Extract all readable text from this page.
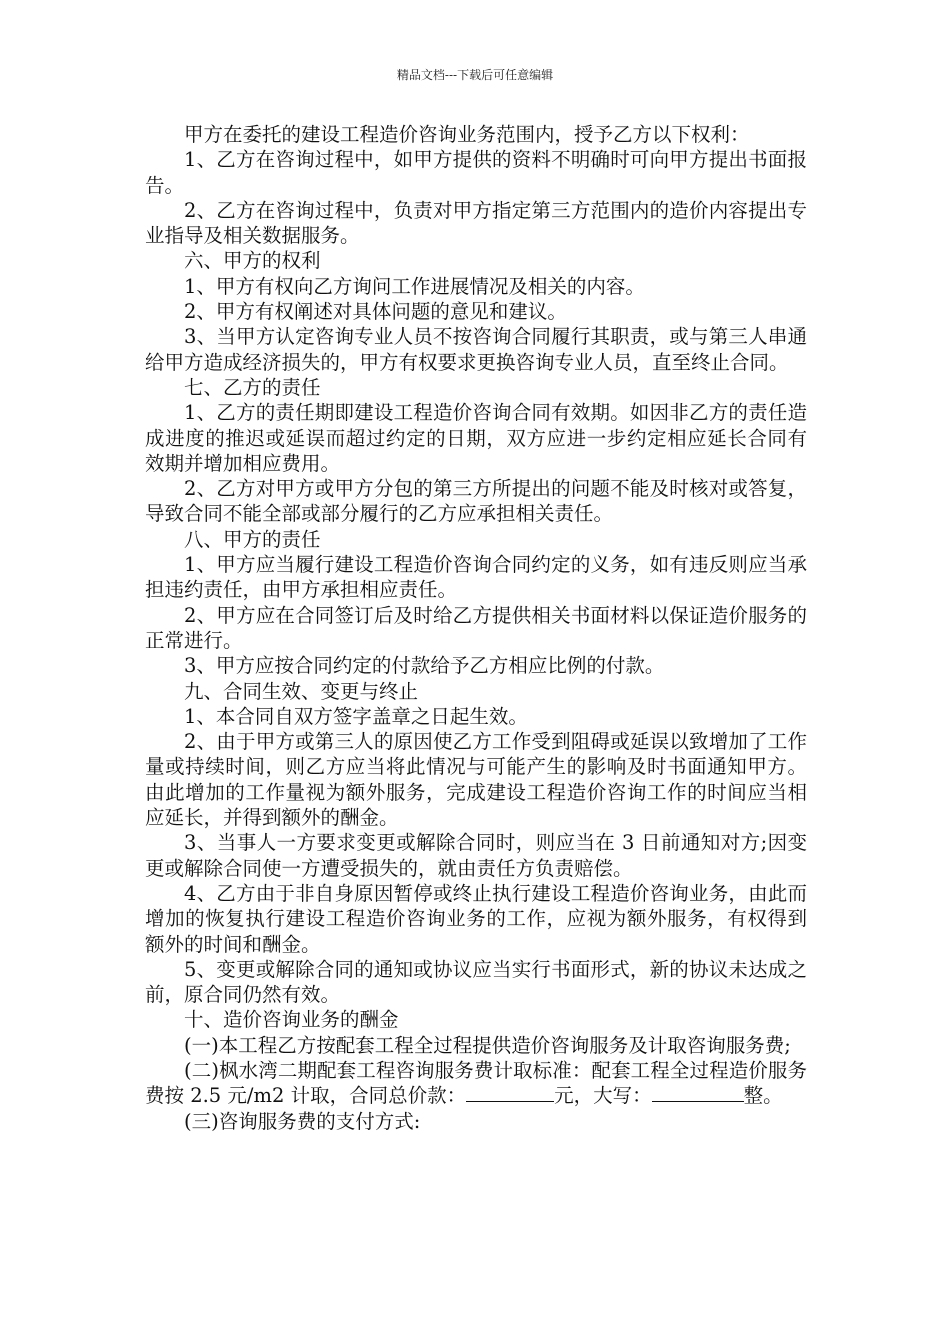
精品文档---下载后可任意编辑

甲方在委托的建设工程造价咨询业务范围内，授予乙方以下权利：

1、乙方在咨询过程中，如甲方提供的资料不明确时可向甲方提出书面报告。

2、乙方在咨询过程中，负责对甲方指定第三方范围内的造价内容提出专业指导及相关数据服务。

六、甲方的权利

1、甲方有权向乙方询问工作进展情况及相关的内容。

2、甲方有权阐述对具体问题的意见和建议。

3、当甲方认定咨询专业人员不按咨询合同履行其职责，或与第三人串通给甲方造成经济损失的，甲方有权要求更换咨询专业人员，直至终止合同。

七、乙方的责任

1、乙方的责任期即建设工程造价咨询合同有效期。如因非乙方的责任造成进度的推迟或延误而超过约定的日期，双方应进一步约定相应延长合同有效期并增加相应费用。

2、乙方对甲方或甲方分包的第三方所提出的问题不能及时核对或答复，导致合同不能全部或部分履行的乙方应承担相关责任。

八、甲方的责任

1、甲方应当履行建设工程造价咨询合同约定的义务，如有违反则应当承担违约责任，由甲方承担相应责任。

2、甲方应在合同签订后及时给乙方提供相关书面材料以保证造价服务的正常进行。

3、甲方应按合同约定的付款给予乙方相应比例的付款。

九、合同生效、变更与终止

1、本合同自双方签字盖章之日起生效。

2、由于甲方或第三人的原因使乙方工作受到阻碍或延误以致增加了工作量或持续时间，则乙方应当将此情况与可能产生的影响及时书面通知甲方。由此增加的工作量视为额外服务，完成建设工程造价咨询工作的时间应当相应延长，并得到额外的酬金。

3、当事人一方要求变更或解除合同时，则应当在 3 日前通知对方;因变更或解除合同使一方遭受损失的，就由责任方负责赔偿。

4、乙方由于非自身原因暂停或终止执行建设工程造价咨询业务，由此而增加的恢复执行建设工程造价咨询业务的工作，应视为额外服务，有权得到额外的时间和酬金。

5、变更或解除合同的通知或协议应当实行书面形式，新的协议未达成之前，原合同仍然有效。

十、造价咨询业务的酬金

(一)本工程乙方按配套工程全过程提供造价咨询服务及计取咨询服务费;

(二)枫水湾二期配套工程咨询服务费计取标准：配套工程全过程造价服务费按 2.5 元/m2 计取，合同总价款：	元，大写：	整。

(三)咨询服务费的支付方式:
